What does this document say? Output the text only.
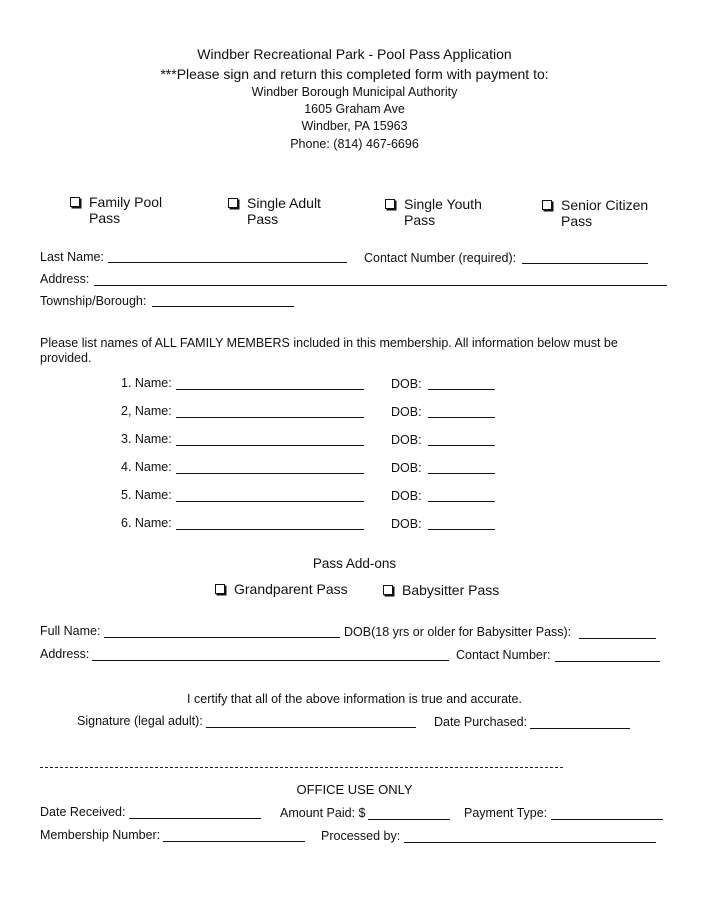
Windber Recreational Park - Pool Pass Application
***Please sign and return this completed form with payment to:
Windber Borough Municipal Authority
1605 Graham Ave
Windber, PA 15963
Phone: (814) 467-6696
Family Pool
Pass
Single Adult
Pass
Single Youth
Pass
Senior Citizen
Pass
Last Name:	Contact Number (required):
Address:
Township/Borough:
Please list names of ALL FAMILY MEMBERS included in this membership. All information below must be
provided.
1. Name:	DOB:
2, Name:	DOB:
3. Name:	DOB:
4. Name:	DOB:
5. Name:	DOB:
6. Name:	DOB:
Pass Add-ons
Grandparent Pass	Babysitter Pass
Full Name:	DOB(18 yrs or older for Babysitter Pass):
Address:	Contact Number:
I certify that all of the above information is true and accurate.
Signature (legal adult):	Date Purchased:
OFFICE USE ONLY
Date Received:	Amount Paid: $	Payment Type:
Membership Number:	Processed by:
